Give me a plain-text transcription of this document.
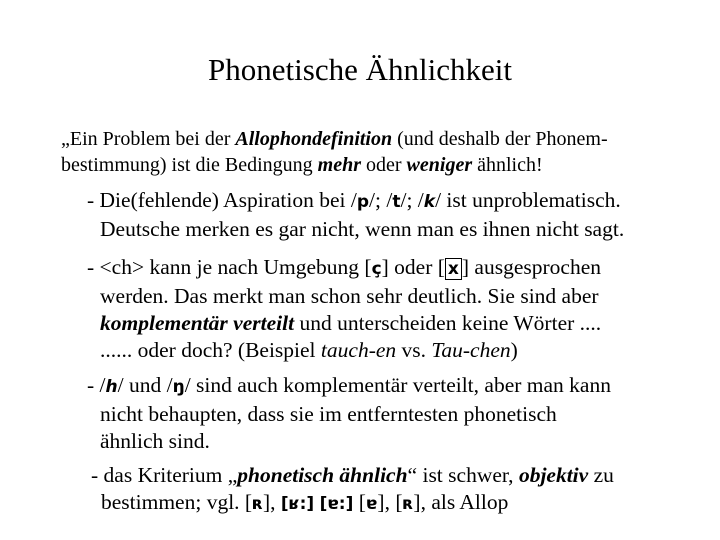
Phonetische Ähnlichkeit
„Ein Problem bei der Allophondefinition (und deshalb der Phonem-
bestimmung) ist die Bedingung mehr oder weniger ähnlich!
- Die(fehlende) Aspiration bei /p/; /t/; /k/ ist unproblematisch.
Deutsche merken es gar nicht, wenn man es ihnen nicht sagt.
- <ch> kann je nach Umgebung [ç] oder [ x ] ausgesprochen
werden. Das merkt man schon sehr deutlich. Sie sind aber
komplementär verteilt und unterscheiden keine Wörter ....
...... oder doch? (Beispiel tauch-en vs. Tau-chen)
- /h/ und /ŋ/ sind auch komplementär verteilt, aber man kann
nicht behaupten, dass sie im entferntesten phonetisch
ähnlich sind.
- das Kriterium „phonetisch ähnlich“ ist schwer, objektiv zu
bestimmen; vgl. [ʀ], [ʁ:] [ɐ:] [ɐ], [ʀ], als Allop
